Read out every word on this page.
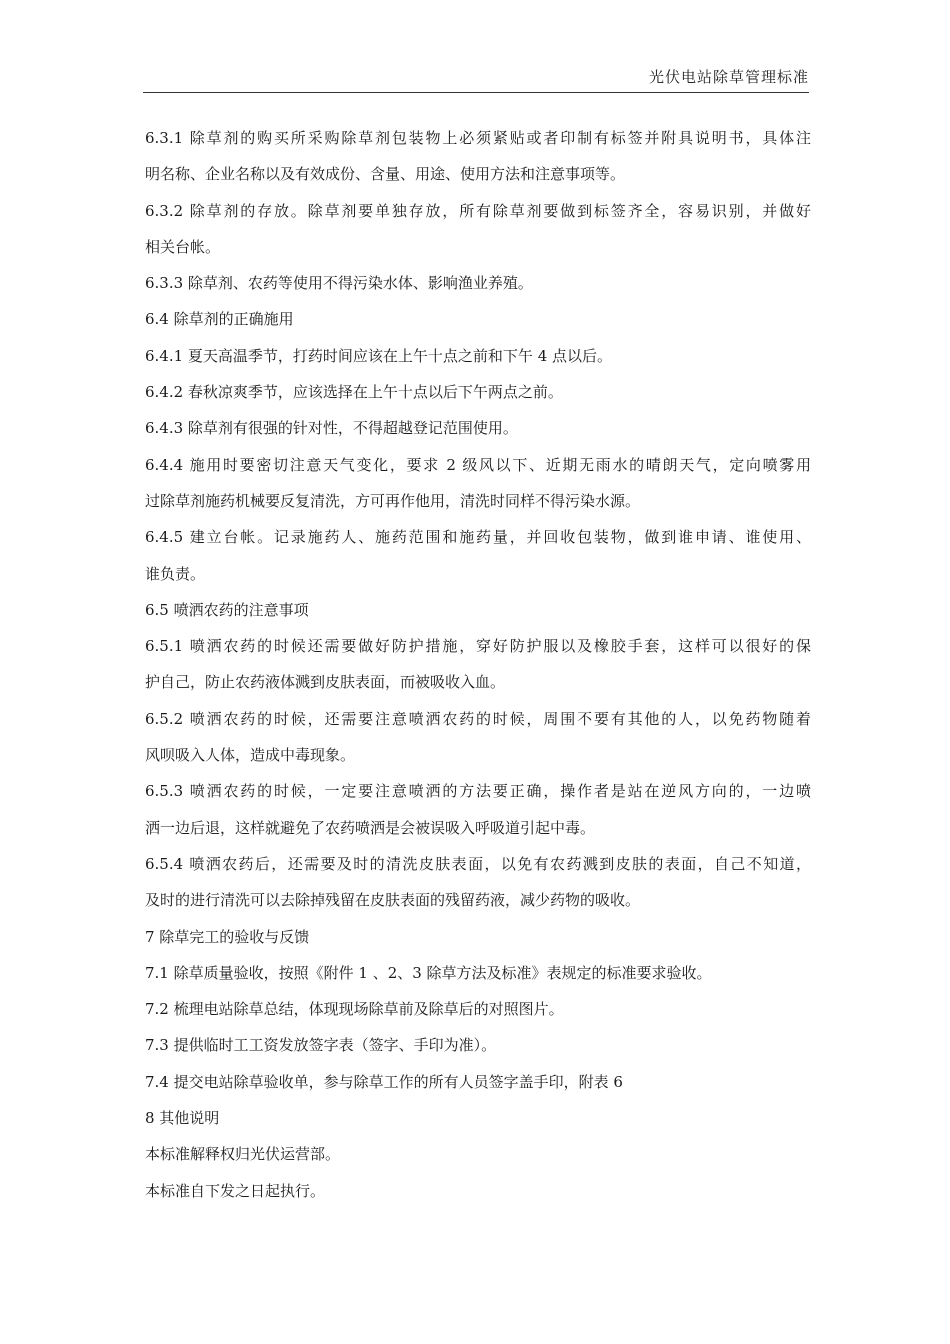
光伏电站除草管理标准
6.3.1 除草剂的购买所采购除草剂包装物上必须紧贴或者印制有标签并附具说明书，具体注
明名称、企业名称以及有效成份、含量、用途、使用方法和注意事项等。
6.3.2 除草剂的存放。除草剂要单独存放，所有除草剂要做到标签齐全，容易识别，并做好
相关台帐。
6.3.3 除草剂、农药等使用不得污染水体、影响渔业养殖。
6.4 除草剂的正确施用
6.4.1 夏天高温季节，打药时间应该在上午十点之前和下午 4 点以后。
6.4.2 春秋凉爽季节，应该选择在上午十点以后下午两点之前。
6.4.3 除草剂有很强的针对性，不得超越登记范围使用。
6.4.4 施用时要密切注意天气变化，要求 2 级风以下、近期无雨水的晴朗天气，定向喷雾用
过除草剂施药机械要反复清洗，方可再作他用，清洗时同样不得污染水源。
6.4.5 建立台帐。记录施药人、施药范围和施药量，并回收包装物，做到谁申请、谁使用、
谁负责。
6.5 喷洒农药的注意事项
6.5.1 喷洒农药的时候还需要做好防护措施，穿好防护服以及橡胶手套，这样可以很好的保
护自己，防止农药液体溅到皮肤表面，而被吸收入血。
6.5.2 喷洒农药的时候，还需要注意喷洒农药的时候，周围不要有其他的人，以免药物随着
风呗吸入人体，造成中毒现象。
6.5.3 喷洒农药的时候，一定要注意喷洒的方法要正确，操作者是站在逆风方向的，一边喷
洒一边后退，这样就避免了农药喷洒是会被误吸入呼吸道引起中毒。
6.5.4 喷洒农药后，还需要及时的清洗皮肤表面，以免有农药溅到皮肤的表面，自己不知道，
及时的进行清洗可以去除掉残留在皮肤表面的残留药液，减少药物的吸收。
7 除草完工的验收与反馈
7.1 除草质量验收，按照《附件 1 、2、3 除草方法及标准》表规定的标准要求验收。
7.2 梳理电站除草总结，体现现场除草前及除草后的对照图片。
7.3 提供临时工工资发放签字表（签字、手印为准）。
7.4 提交电站除草验收单，参与除草工作的所有人员签字盖手印，附表 6
8 其他说明
本标准解释权归光伏运营部。
本标准自下发之日起执行。
